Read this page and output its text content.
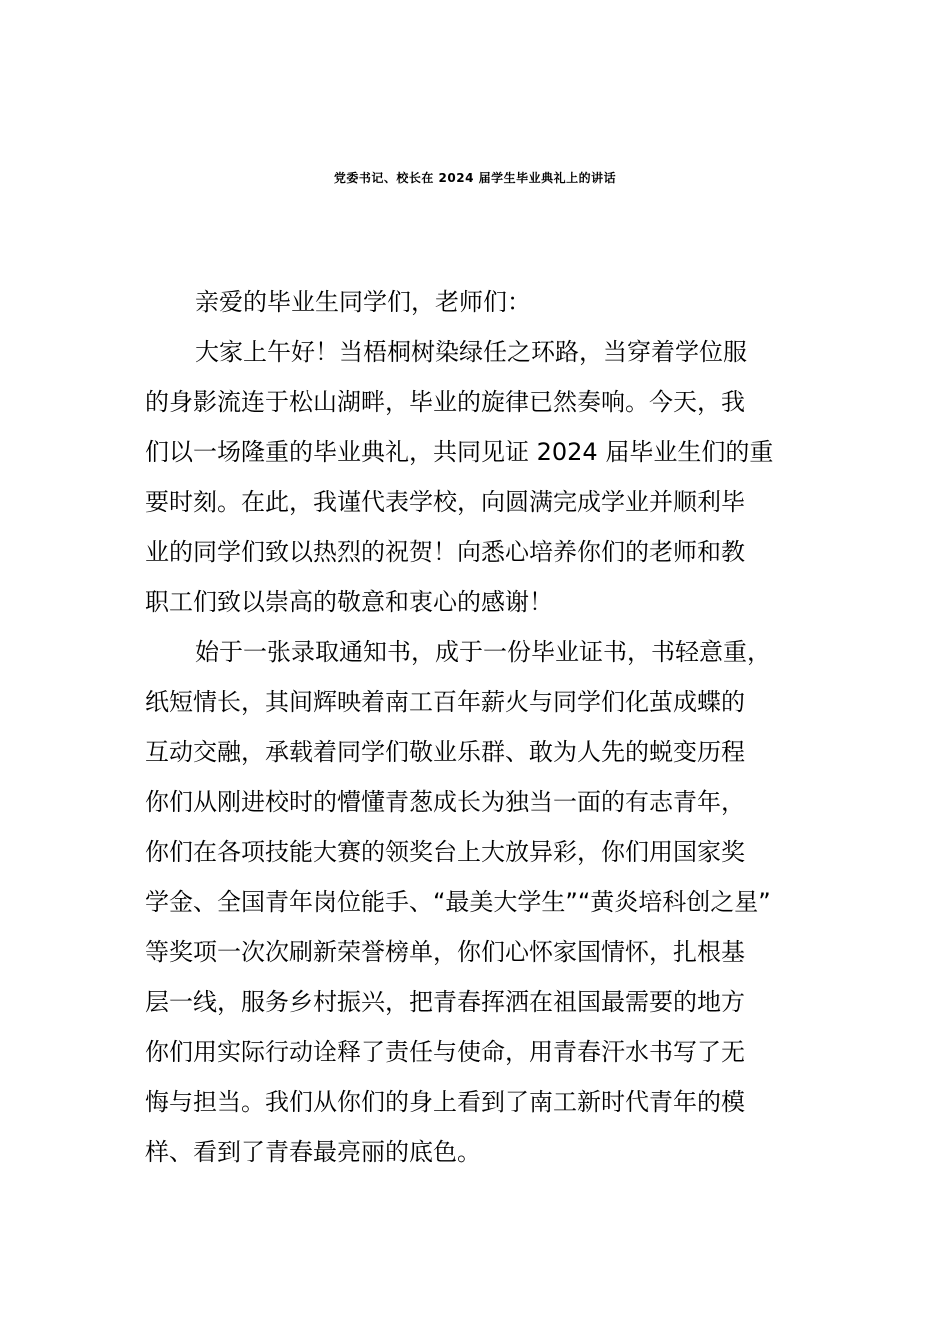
党委书记、校长在 2024 届学生毕业典礼上的讲话
亲爱的毕业生同学们，老师们：
大家上午好！当梧桐树染绿任之环路，当穿着学位服
的身影流连于松山湖畔，毕业的旋律已然奏响。今天，我
们以一场隆重的毕业典礼，共同见证 2024 届毕业生们的重
要时刻。在此，我谨代表学校，向圆满完成学业并顺利毕
业的同学们致以热烈的祝贺！向悉心培养你们的老师和教
职工们致以崇高的敬意和衷心的感谢！
始于一张录取通知书，成于一份毕业证书，书轻意重，
纸短情长，其间辉映着南工百年薪火与同学们化茧成蝶的
互动交融，承载着同学们敬业乐群、敢为人先的蜕变历程
你们从刚进校时的懵懂青葱成长为独当一面的有志青年，
你们在各项技能大赛的领奖台上大放异彩，你们用国家奖
学金、全国青年岗位能手、“最美大学生”“黄炎培科创之星”
等奖项一次次刷新荣誉榜单，你们心怀家国情怀，扎根基
层一线，服务乡村振兴，把青春挥洒在祖国最需要的地方
你们用实际行动诠释了责任与使命，用青春汗水书写了无
悔与担当。我们从你们的身上看到了南工新时代青年的模
样、看到了青春最亮丽的底色。
